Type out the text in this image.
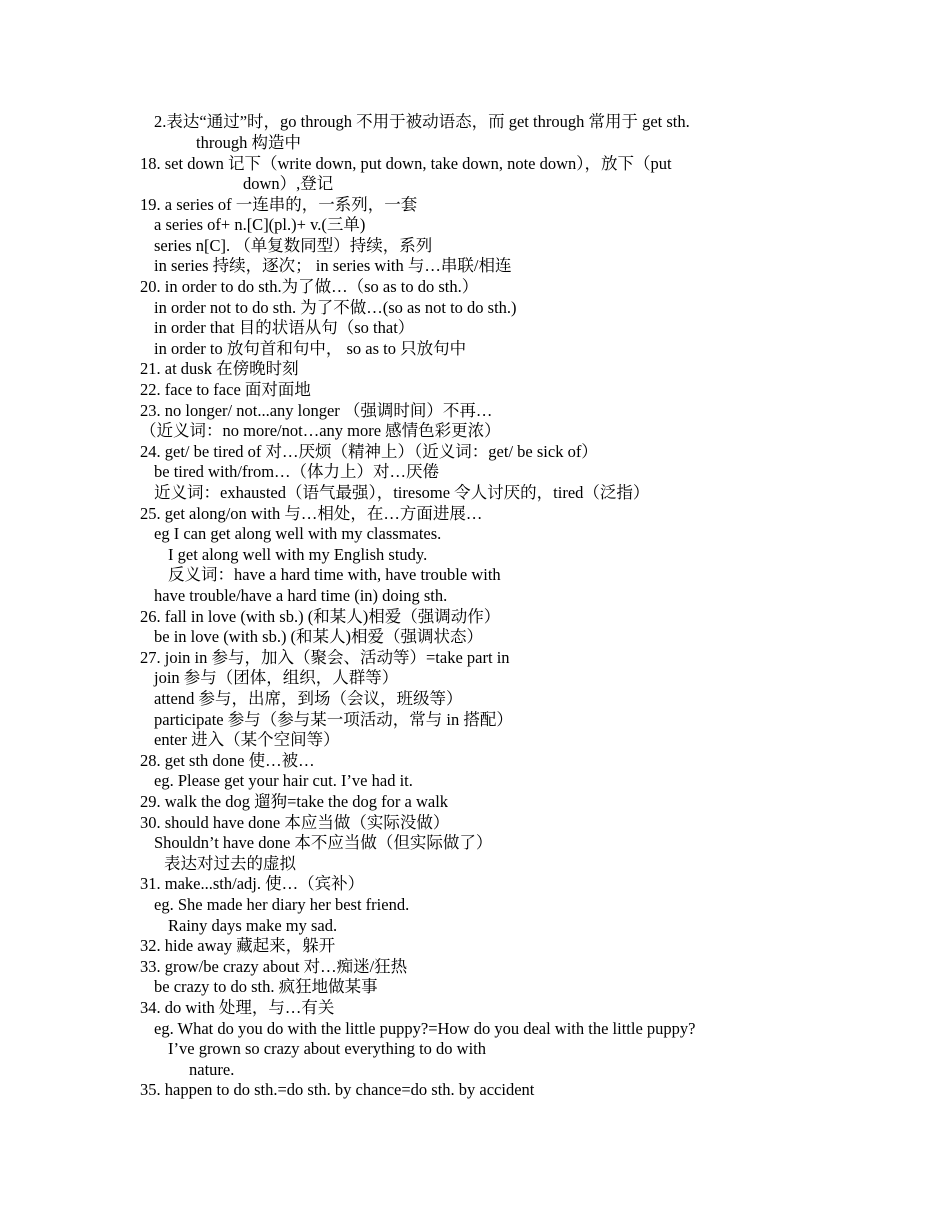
2.表达“通过”时，go through 不用于被动语态，而 get through 常用于 get sth.

through 构造中

18. set down 记下（write down, put down, take down, note down），放下（put

down）,登记

19. a series of 一连串的，一系列，一套

a series of+ n.[C](pl.)+ v.(三单)

series n[C]. （单复数同型）持续，系列

in series 持续，逐次； in series with 与…串联/相连

20. in order to do sth.为了做…（so as to do sth.）

in order not to do sth. 为了不做…(so as not to do sth.)

in order that 目的状语从句（so that）

in order to 放句首和句中， so as to 只放句中

21. at dusk 在傍晚时刻

22. face to face 面对面地

23. no longer/ not...any longer （强调时间）不再…

（近义词：no more/not…any more 感情色彩更浓）

24. get/ be tired of 对…厌烦（精神上）（近义词：get/ be sick of）

be tired with/from…（体力上）对…厌倦

近义词：exhausted（语气最强），tiresome 令人讨厌的，tired（泛指）

25. get along/on with 与…相处，在…方面进展…

eg I can get along well with my classmates.

I get along well with my English study.

反义词：have a hard time with, have trouble with

have trouble/have a hard time (in) doing sth.

26. fall in love (with sb.) (和某人)相爱（强调动作）

be in love (with sb.) (和某人)相爱（强调状态）

27. join in 参与，加入（聚会、活动等）=take part in

join 参与（团体，组织，人群等）

attend 参与，出席，到场（会议，班级等）

participate 参与（参与某一项活动，常与 in 搭配）

enter 进入（某个空间等）

28. get sth done 使…被…

eg. Please get your hair cut. I’ve had it.

29. walk the dog 遛狗=take the dog for a walk

30. should have done 本应当做（实际没做）

Shouldn’t have done 本不应当做（但实际做了）

表达对过去的虚拟

31. make...sth/adj. 使…（宾补）

eg. She made her diary her best friend.

Rainy days make my sad.

32. hide away 藏起来，躲开

33. grow/be crazy about 对…痴迷/狂热

be crazy to do sth. 疯狂地做某事

34. do with 处理，与…有关

eg. What do you do with the little puppy?=How do you deal with the little puppy?

I’ve grown so crazy about everything to do with

nature.

35. happen to do sth.=do sth. by chance=do sth. by accident
